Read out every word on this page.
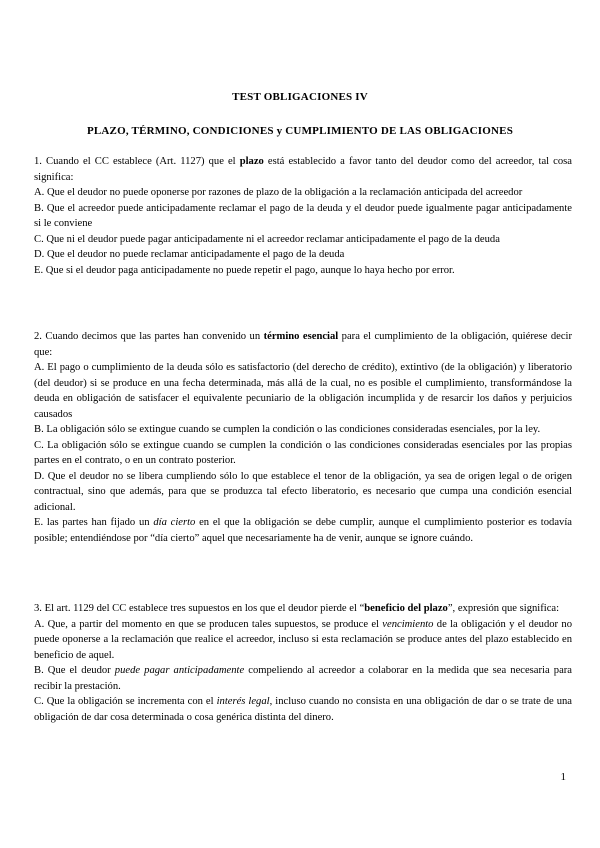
TEST OBLIGACIONES IV
PLAZO, TÉRMINO, CONDICIONES y CUMPLIMIENTO DE LAS OBLIGACIONES

1. Cuando el CC establece (Art. 1127) que el plazo está establecido a favor tanto del deudor como del acreedor, tal cosa significa:

A. Que el deudor no puede oponerse por razones de plazo de la obligación a la reclamación anticipada del acreedor

B. Que el acreedor puede anticipadamente reclamar el pago de la deuda y el deudor puede igualmente pagar anticipadamente si le conviene

C. Que ni el deudor puede pagar anticipadamente ni el acreedor reclamar anticipadamente el pago de la deuda

D. Que el deudor no puede reclamar anticipadamente el pago de la deuda

E. Que si el deudor paga anticipadamente no puede repetir el pago, aunque lo haya hecho por error.

2. Cuando decimos que las partes han convenido un término esencial para el cumplimiento de la obligación, quiérese decir que:

A. El pago o cumplimiento de la deuda sólo es satisfactorio (del derecho de crédito), extintivo (de la obligación) y liberatorio (del deudor) si se produce en una fecha determinada, más allá de la cual, no es posible el cumplimiento, transformándose la deuda en obligación de satisfacer el equivalente pecuniario de la obligación incumplida y de resarcir los daños y perjuicios causados

B. La obligación sólo se extingue cuando se cumplen la condición o las condiciones consideradas esenciales, por la ley.

C. La obligación sólo se extingue cuando se cumplen la condición o las condiciones consideradas esenciales por las propias partes en el contrato, o en un contrato posterior.

D. Que el deudor no se libera cumpliendo sólo lo que establece el tenor de la obligación, ya sea de origen legal o de origen contractual, sino que además, para que se produzca tal efecto liberatorio, es necesario que cumpa una condición esencial adicional.

E. las partes han fijado un día cierto en el que la obligación se debe cumplir, aunque el cumplimiento posterior es todavía posible; entendiéndose por “día cierto” aquel que necesariamente ha de venir, aunque se ignore cuándo.

3. El art. 1129 del CC establece tres supuestos en los que el deudor pierde el “beneficio del plazo”, expresión que significa:

A. Que, a partir del momento en que se producen tales supuestos, se produce el vencimiento de la obligación y el deudor no puede oponerse a la reclamación que realice el acreedor, incluso si esta reclamación se produce antes del plazo establecido en beneficio de aquel.

B. Que el deudor puede pagar anticipadamente compeliendo al acreedor a colaborar en la medida que sea necesaria para recibir la prestación.

C. Que la obligación se incrementa con el interés legal, incluso cuando no consista en una obligación de dar o se trate de una obligación de dar cosa determinada o cosa genérica distinta del dinero.

1
